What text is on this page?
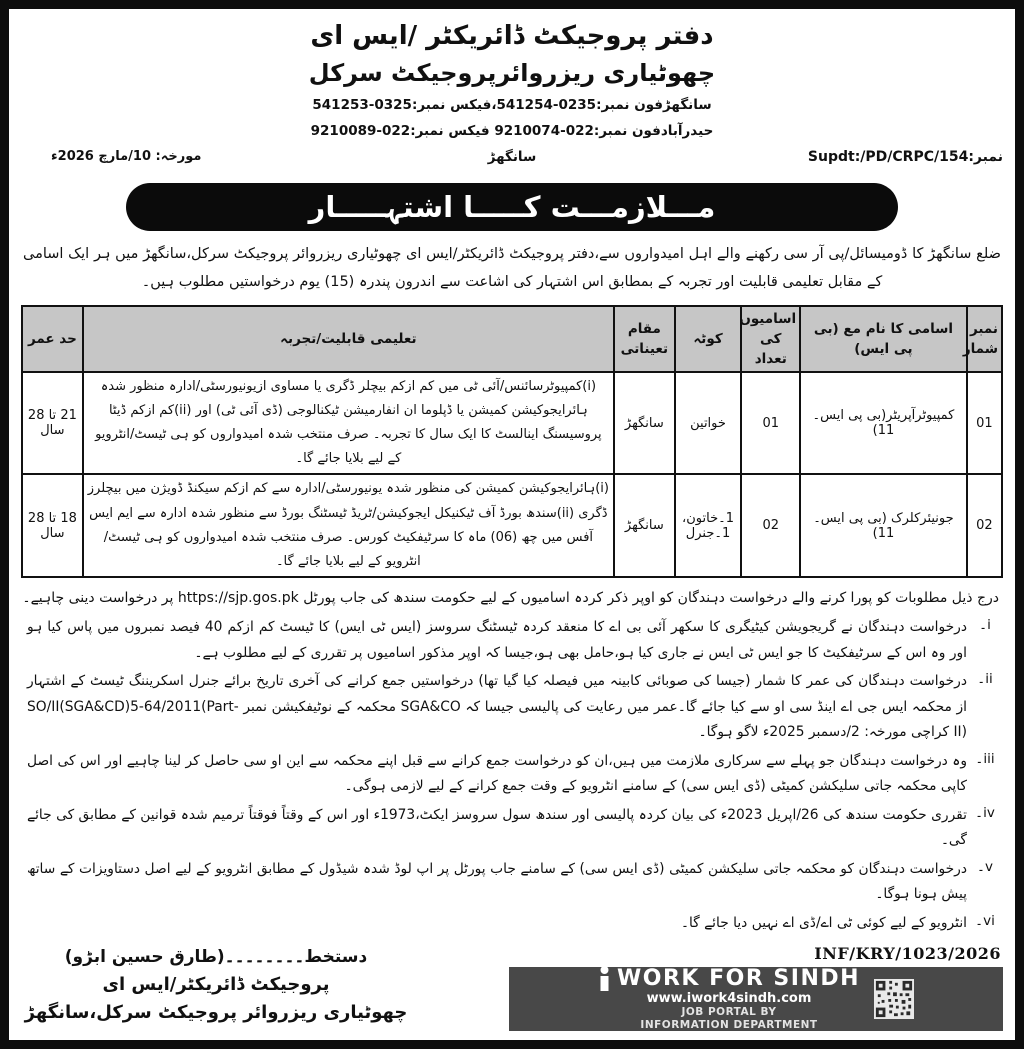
دفتر پروجیکٹ ڈائریکٹر /ایس ای
چھوٹیاری ریزروائرپروجیکٹ سرکل
سانگھڑفون نمبر:0235-541254،فیکس نمبر:0325-541253
حیدرآبادفون نمبر:022-9210074 فیکس نمبر:022-9210089
مورخہ: 10/مارچ 2026ء	سانگھڑ	نمبر:Supdt:/PD/CRPC/154
مـــلازمـــت کـــــا اشتہـــــار
ضلع سانگھڑ کا ڈومیسائل/پی آر سی رکھنے والے اہل امیدواروں سے،دفتر پروجیکٹ ڈائریکٹر/ایس ای چھوٹیاری ریزروائر پروجیکٹ سرکل،سانگھڑ میں ہر ایک اسامی کے مقابل تعلیمی قابلیت اور تجربہ کے بمطابق اس اشتہار کی اشاعت سے اندرون پندرہ (15) یوم درخواستیں مطلوب ہیں۔
نمبر شمار	اسامی کا نام مع (بی پی ایس)	اسامیوں کی تعداد	کوٹہ	مقام تعیناتی	تعلیمی قابلیت/تجربہ	حد عمر
01	کمپیوٹرآپریٹر(بی پی ایس۔11)	01	خواتین	سانگھڑ	(i)کمپیوٹرسائنس/آئی ٹی میں کم ازکم بیچلر ڈگری یا مساوی ازیونیورسٹی/ادارہ منظور شدہ ہائرایجوکیشن کمیشن یا ڈپلوما ان انفارمیشن ٹیکنالوجی (ڈی آئی ٹی) اور (ii)کم ازکم ڈیٹا پروسیسنگ اینالسٹ کا ایک سال کا تجربہ۔ صرف منتخب شدہ امیدواروں کو ہی ٹیسٹ/انٹرویو کے لیے بلایا جائے گا۔	21 تا 28 سال
02	جونیئرکلرک (بی پی ایس۔11)	02	1۔خاتون، 1۔جنرل	سانگھڑ	(i)ہائرایجوکیشن کمیشن کی منظور شدہ یونیورسٹی/ادارہ سے کم ازکم سیکنڈ ڈویژن میں بیچلرز ڈگری (ii)سندھ بورڈ آف ٹیکنیکل ایجوکیشن/ٹریڈ ٹیسٹنگ بورڈ سے منظور شدہ ادارہ سے ایم ایس آفس میں چھ (06) ماہ کا سرٹیفکیٹ کورس۔ صرف منتخب شدہ امیدواروں کو ہی ٹیسٹ/انٹرویو کے لیے بلایا جائے گا۔	18 تا 28 سال
درج ذیل مطلوبات کو پورا کرنے والے درخواست دہندگان کو اوپر ذکر کردہ اسامیوں کے لیے حکومت سندھ کی جاب پورٹل https://sjp.gos.pk پر درخواست دینی چاہیے۔
i۔
درخواست دہندگان نے گریجویشن کیٹیگری کا سکھر آئی بی اے کا منعقد کردہ ٹیسٹنگ سروسز (ایس ٹی ایس) کا ٹیسٹ کم ازکم 40 فیصد نمبروں میں پاس کیا ہو اور وہ اس کے سرٹیفکیٹ کا جو ایس ٹی ایس نے جاری کیا ہو،حامل بھی ہو،جیسا کہ اوپر مذکور اسامیوں پر تقرری کے لیے مطلوب ہے۔
ii۔
درخواست دہندگان کی عمر کا شمار (جیسا کی صوبائی کابینہ میں فیصلہ کیا گیا تھا) درخواستیں جمع کرانے کی آخری تاریخ برائے جنرل اسکریننگ ٹیسٹ کے اشتہار از محکمہ ایس جی اے اینڈ سی او سے کیا جائے گا۔عمر میں رعایت کی پالیسی جیسا کہ SGA&CO محکمہ کے نوٹیفکیشن نمبر SO/II(SGA&CD)5-64/2011(Part-II) کراچی مورخہ: 2/دسمبر 2025ء لاگو ہوگا۔
iii۔
وہ درخواست دہندگان جو پہلے سے سرکاری ملازمت میں ہیں،ان کو درخواست جمع کرانے سے قبل اپنے محکمہ سے این او سی حاصل کر لینا چاہیے اور اس کی اصل کاپی محکمہ جاتی سلیکشن کمیٹی (ڈی ایس سی) کے سامنے انٹرویو کے وقت جمع کرانے کے لیے لازمی ہوگی۔
iv۔
تقرری حکومت سندھ کی 26/اپریل 2023ء کی بیان کردہ پالیسی اور سندھ سول سروسز ایکٹ،1973ء اور اس کے وقتاً فوقتاً ترمیم شدہ قوانین کے مطابق کی جائے گی۔
v۔
درخواست دہندگان کو محکمہ جاتی سلیکشن کمیٹی (ڈی ایس سی) کے سامنے جاب پورٹل پر اپ لوڈ شدہ شیڈول کے مطابق انٹرویو کے لیے اصل دستاویزات کے ساتھ پیش ہونا ہوگا۔
vi۔
انٹرویو کے لیے کوئی ٹی اے/ڈی اے نہیں دیا جائے گا۔
دستخط۔۔۔۔۔۔۔۔(طارق حسین ابڑو)
پروجیکٹ ڈائریکٹر/ایس ای
چھوٹیاری ریزروائر پروجیکٹ سرکل،سانگھڑ
INF/KRY/1023/2026
WORK FOR SINDH
www.iwork4sindh.com
JOB PORTAL BY
INFORMATION DEPARTMENT
